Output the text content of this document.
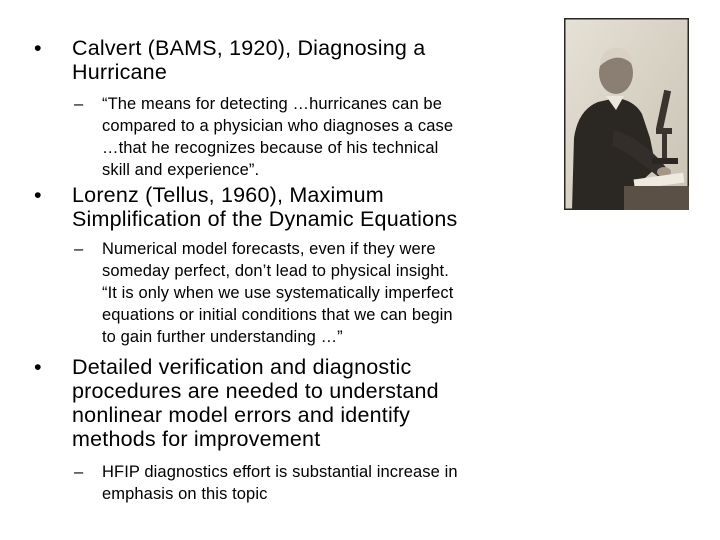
• Calvert (BAMS, 1920), Diagnosing a
Hurricane
– “The means for detecting …hurricanes can be
compared to a physician who diagnoses a case
…that he recognizes because of his technical
skill and experience”.
• Lorenz (Tellus, 1960), Maximum
Simplification of the Dynamic Equations
– Numerical model forecasts, even if they were
someday perfect, don’t lead to physical insight.
“It is only when we use systematically imperfect
equations or initial conditions that we can begin
to gain further understanding …”
• Detailed verification and diagnostic
procedures are needed to understand
nonlinear model errors and identify
methods for improvement
– HFIP diagnostics effort is substantial increase in
emphasis on this topic
